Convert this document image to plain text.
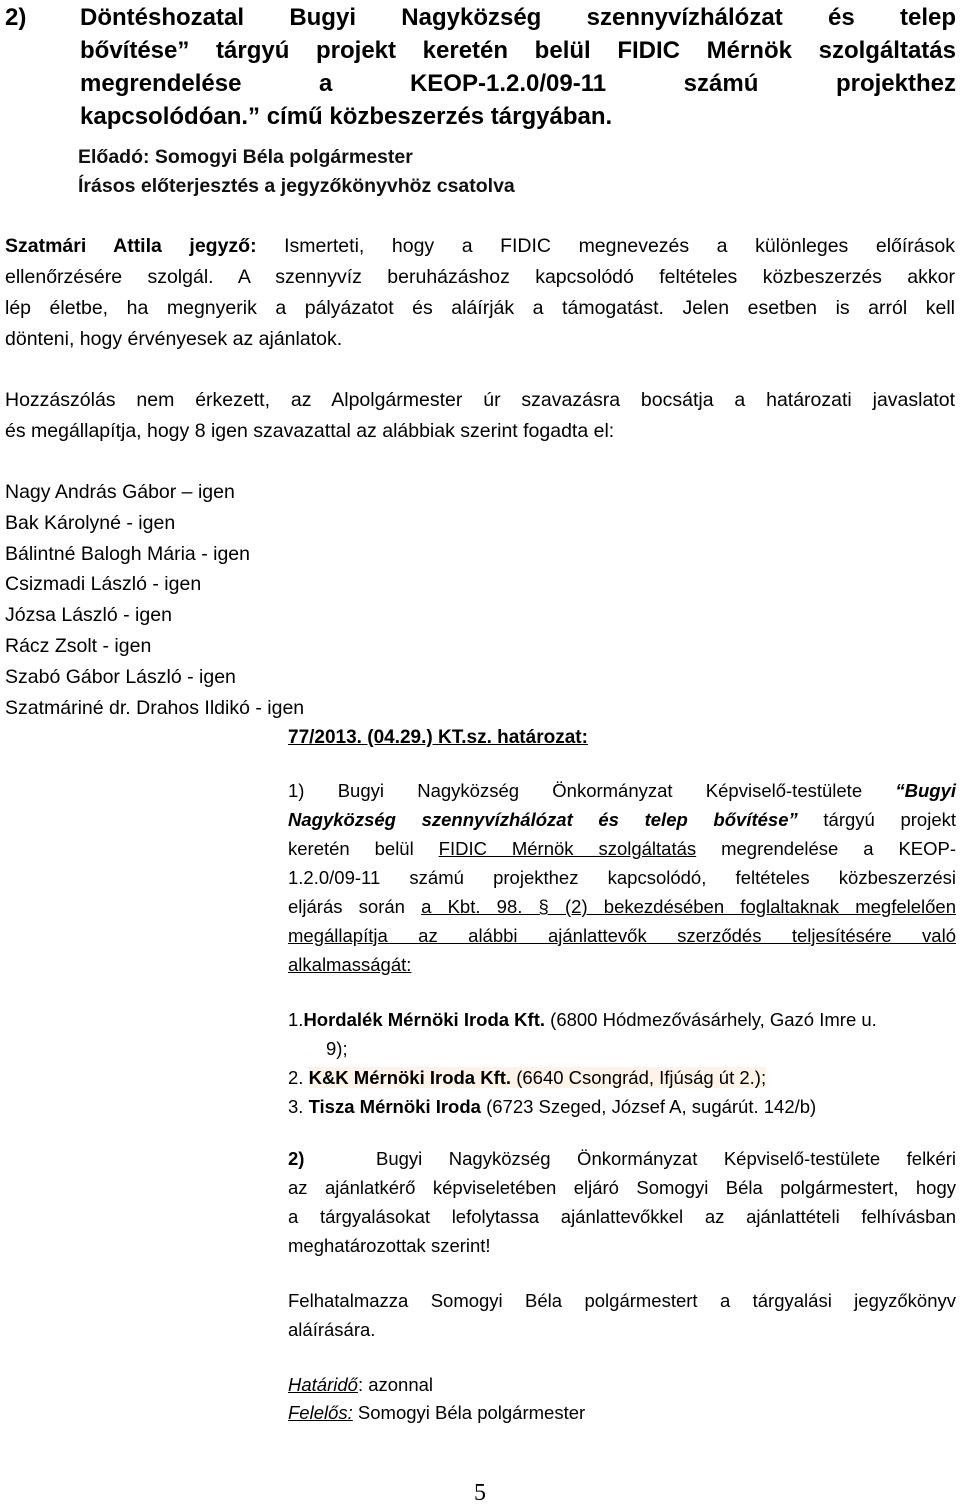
2) Döntéshozatal Bugyi Nagyközség szennyvízhálózat és telep
bővítése” tárgyú projekt keretén belül FIDIC Mérnök szolgáltatás
megrendelése a KEOP-1.2.0/09-11 számú projekthez
kapcsolódóan.” című közbeszerzés tárgyában.
Előadó: Somogyi Béla polgármester
Írásos előterjesztés a jegyzőkönyvhöz csatolva
Szatmári Attila jegyző: Ismerteti, hogy a FIDIC megnevezés a különleges előírások
ellenőrzésére szolgál. A szennyvíz beruházáshoz kapcsolódó feltételes közbeszerzés akkor
lép életbe, ha megnyerik a pályázatot és aláírják a támogatást. Jelen esetben is arról kell
dönteni, hogy érvényesek az ajánlatok.
Hozzászólás nem érkezett, az Alpolgármester úr szavazásra bocsátja a határozati javaslatot
és megállapítja, hogy 8 igen szavazattal az alábbiak szerint fogadta el:
Nagy András Gábor – igen
Bak Károlyné - igen
Bálintné Balogh Mária - igen
Csizmadi László - igen
Józsa László - igen
Rácz Zsolt - igen
Szabó Gábor László - igen
Szatmáriné dr. Drahos Ildikó - igen
77/2013. (04.29.) KT.sz. határozat:
1) Bugyi Nagyközség Önkormányzat Képviselő-testülete “Bugyi
Nagyközség szennyvízhálózat és telep bővítése” tárgyú projekt
keretén belül FIDIC Mérnök szolgáltatás megrendelése a KEOP-
1.2.0/09-11 számú projekthez kapcsolódó, feltételes közbeszerzési
eljárás során a Kbt. 98. § (2) bekezdésében foglaltaknak megfelelően
megállapítja az alábbi ajánlattevők szerződés teljesítésére való
alkalmasságát:
1.Hordalék Mérnöki Iroda Kft. (6800 Hódmezővásárhely, Gazó Imre u.
9);
2. K&K Mérnöki Iroda Kft. (6640 Csongrád, Ifjúság út 2.);
3. Tisza Mérnöki Iroda (6723 Szeged, József A, sugárút. 142/b)
2)	Bugyi Nagyközség Önkormányzat Képviselő-testülete felkéri
az ajánlatkérő képviseletében eljáró Somogyi Béla polgármestert, hogy
a tárgyalásokat lefolytassa ajánlattevőkkel az ajánlattételi felhívásban
meghatározottak szerint!
Felhatalmazza Somogyi Béla polgármestert a tárgyalási jegyzőkönyv
aláírására.
Határidő: azonnal
Felelős: Somogyi Béla polgármester
5
